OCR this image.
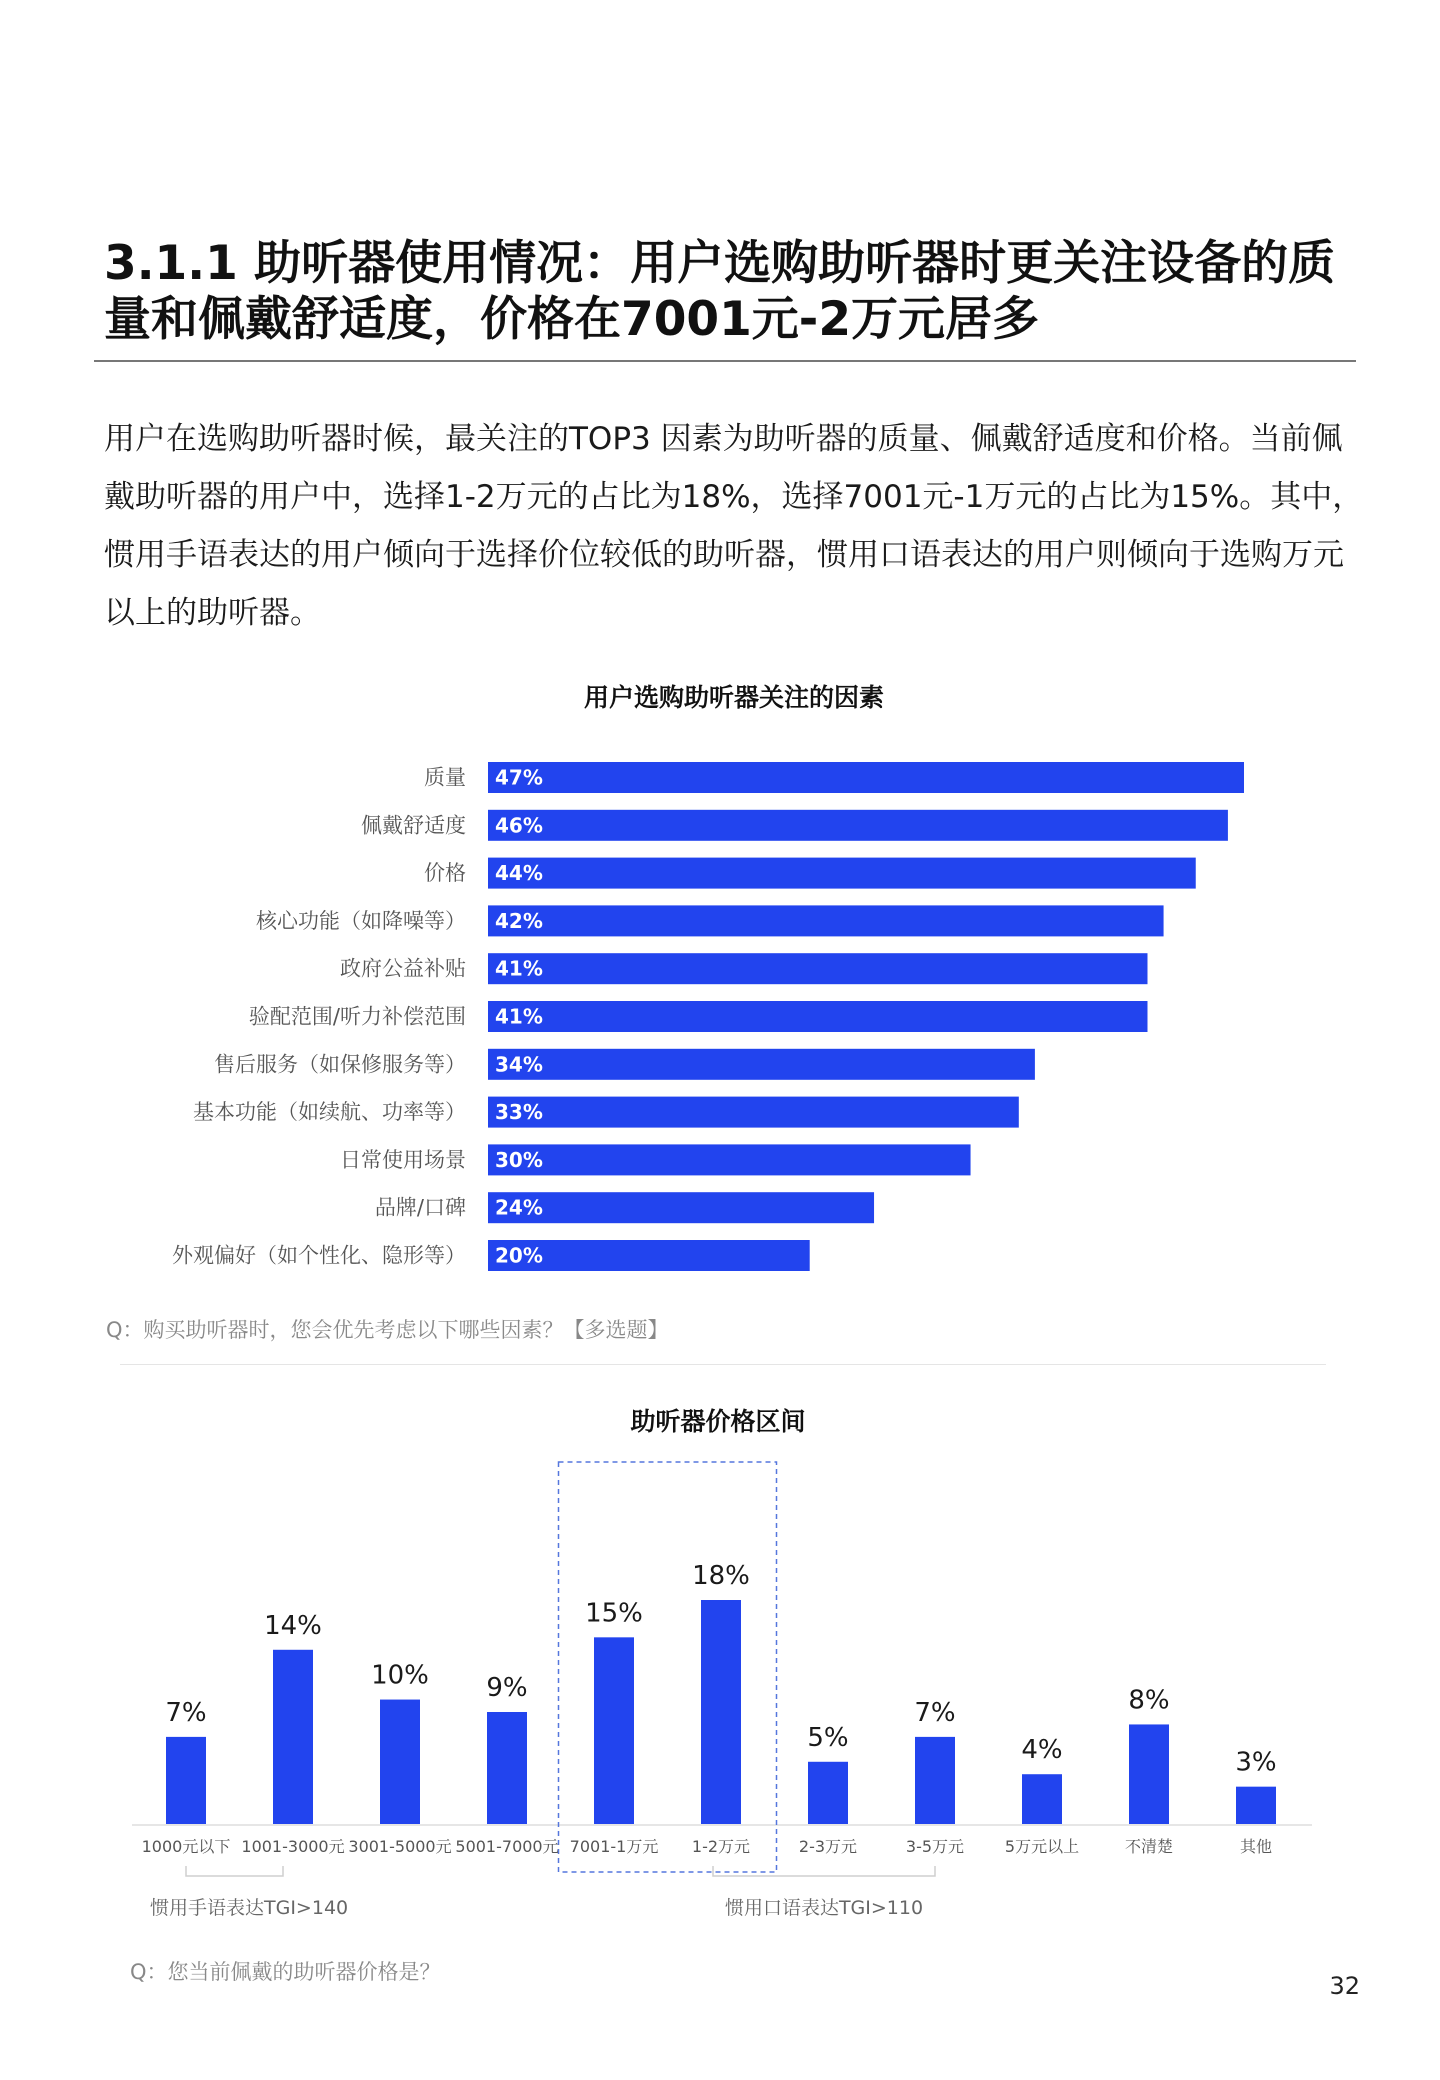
3.1.1 助听器使用情况：用户选购助听器时更关注设备的质量和佩戴舒适度，价格在7001元-2万元居多

用户在选购助听器时候，最关注的TOP3 因素为助听器的质量、佩戴舒适度和价格。当前佩戴助听器的用户中，选择1-2万元的占比为18%，选择7001元-1万元的占比为15%。其中，惯用手语表达的用户倾向于选择价位较低的助听器，惯用口语表达的用户则倾向于选购万元以上的助听器。

用户选购助听器关注的因素
质量 47%
佩戴舒适度 46%
价格 44%
核心功能（如降噪等） 42%
政府公益补贴 41%
验配范围/听力补偿范围 41%
售后服务（如保修服务等） 34%
基本功能（如续航、功率等） 33%
日常使用场景 30%
品牌/口碑 24%
外观偏好（如个性化、隐形等） 20%

Q：购买助听器时，您会优先考虑以下哪些因素？【多选题】

助听器价格区间
7%
1000元以下
14%
1001-3000元
10%
3001-5000元
9%
5001-7000元
15%
7001-1万元
18%
1-2万元
5%
2-3万元
7%
3-5万元
4%
5万元以上
8%
不清楚
3%
其他
惯用手语表达TGI>140	惯用口语表达TGI>110

Q：您当前佩戴的助听器价格是？	32
